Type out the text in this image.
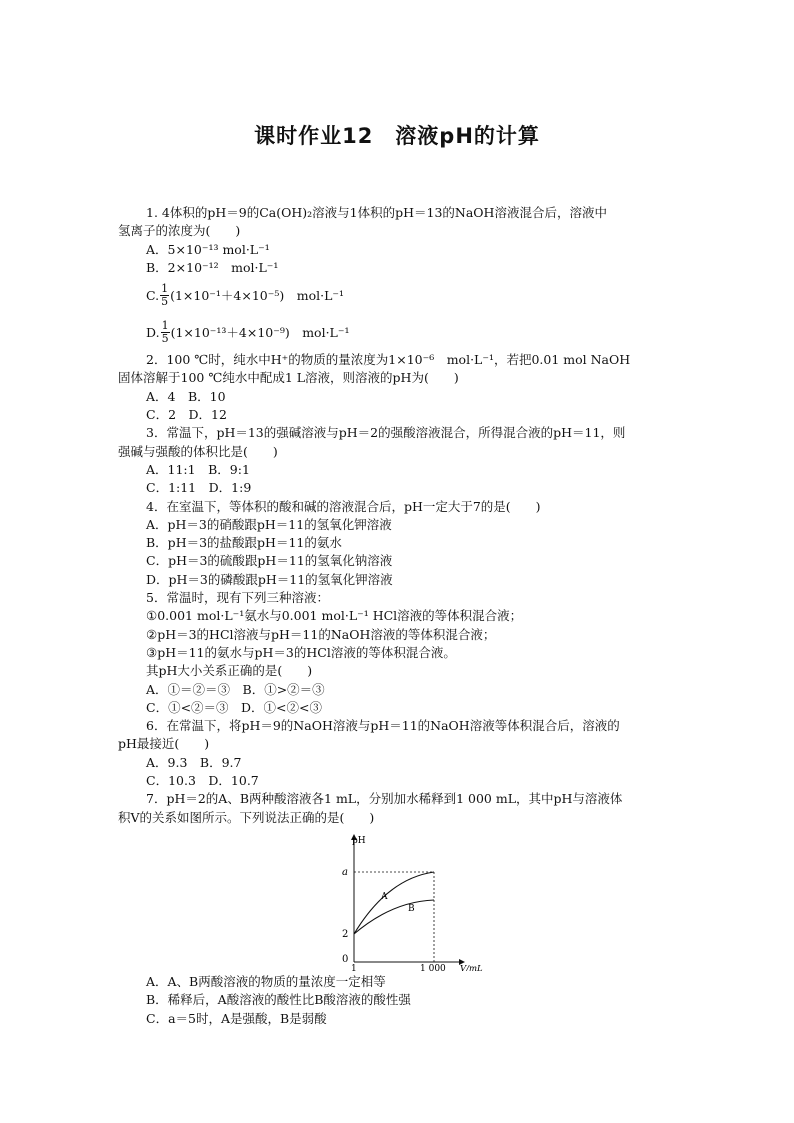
课时作业12　溶液pH的计算
1. 4体积的pH＝9的Ca(OH)₂溶液与1体积的pH＝13的NaOH溶液混合后，溶液中
氢离子的浓度为(　　)
A．5×10⁻¹³ mol·L⁻¹
B．2×10⁻¹²　mol·L⁻¹
C. $\frac{1}{5} (1\times 10^{-1}+4\times 10^{-5})$　mol·L⁻¹
D. $\frac{1}{5} (1\times 10^{-13}+4\times 10^{-9})$　mol·L⁻¹
2．100 ℃时，纯水中H⁺的物质的量浓度为1×10⁻⁶　mol·L⁻¹，若把0.01 mol NaOH
固体溶解于100 ℃纯水中配成1 L溶液，则溶液的pH为(　　)
A．4　B．10
C．2　D．12
3．常温下，pH＝13的强碱溶液与pH＝2的强酸溶液混合，所得混合液的pH＝11，则
强碱与强酸的体积比是(　　)
A．11:1　B．9:1
C．1:11　D．1:9
4．在室温下，等体积的酸和碱的溶液混合后，pH一定大于7的是(　　)
A．pH＝3的硝酸跟pH＝11的氢氧化钾溶液
B．pH＝3的盐酸跟pH＝11的氨水
C．pH＝3的硫酸跟pH＝11的氢氧化钠溶液
D．pH＝3的磷酸跟pH＝11的氢氧化钾溶液
5．常温时，现有下列三种溶液：
①0.001 mol·L⁻¹氨水与0.001 mol·L⁻¹ HCl溶液的等体积混合液；
②pH＝3的HCl溶液与pH＝11的NaOH溶液的等体积混合液；
③pH＝11的氨水与pH＝3的HCl溶液的等体积混合液。
其pH大小关系正确的是(　　)
A．①＝②＝③　B．①>②＝③
C．①<②＝③　D．①<②<③
6．在常温下，将pH＝9的NaOH溶液与pH＝11的NaOH溶液等体积混合后，溶液的
pH最接近(　　)
A．9.3　B．9.7
C．10.3　D．10.7
7．pH＝2的A、B两种酸溶液各1 mL，分别加水稀释到1 000 mL，其中pH与溶液体
积V的关系如图所示。下列说法正确的是(　　)
pH
a
2
0
1	1 000 V/mL
A
B
A．A、B两酸溶液的物质的量浓度一定相等
B．稀释后，A酸溶液的酸性比B酸溶液的酸性强
C．a＝5时，A是强酸，B是弱酸
